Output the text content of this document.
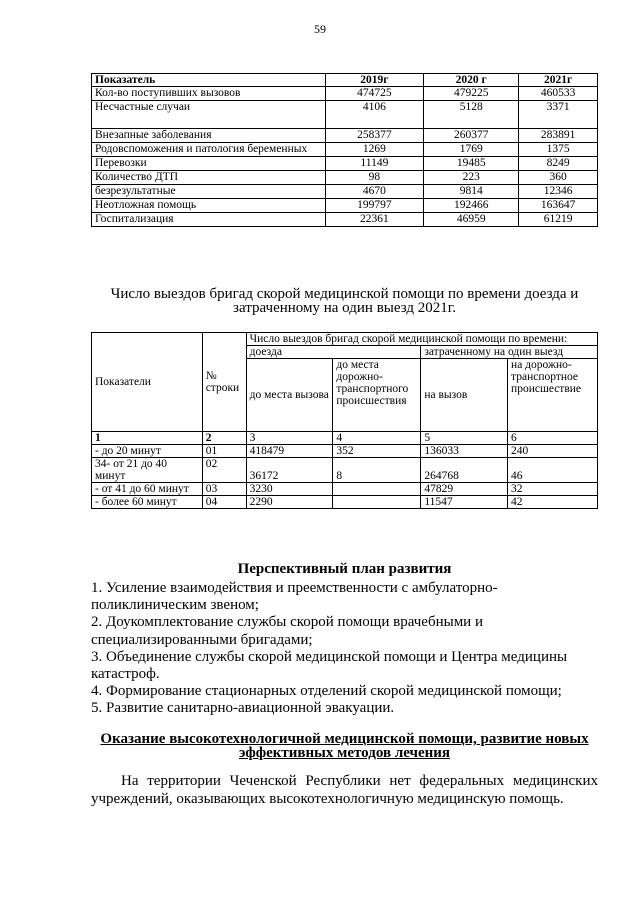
59
Показатель	2019г	2020 г	2021г
Кол-во поступивших вызовов	474725	479225	460533
Несчастные случаи	4106	5128	3371
Внезапные заболевания	258377	260377	283891
Родовспоможения и патология беременных	1269	1769	1375
Перевозки	11149	19485	8249
Количество ДТП	98	223	360
безрезультатные	4670	9814	12346
Неотложная помощь	199797	192466	163647
Госпитализация	22361	46959	61219
Число выездов бригад скорой медицинской помощи по времени доезда и затраченному на один выезд 2021г.
Показатели	№ строки	Число выездов бригад скорой медицинской помощи по времени:			
		доезда		затраченному на один выезд	
		до места вызова	до места дорожно-транспортного происшествия	на вызов	на дорожно-транспортное происшествие
1	2	3	4	5	6
- до 20 минут	01	418479	352	136033	240
34- от 21 до 40 минут	02	36172	8	264768	46
- от 41 до 60 минут	03	3230		47829	32
- более 60 минут	04	2290		11547	42
Перспективный план развития

1. Усиление взаимодействия и преемственности с амбулаторно-поликлиническим звеном;

2. Доукомплектование службы скорой помощи врачебными и специализированными бригадами;

3. Объединение службы скорой медицинской помощи и Центра медицины катастроф.

4. Формирование стационарных отделений скорой медицинской помощи;

5. Развитие санитарно-авиационной эвакуации.

Оказание высокотехнологичной медицинской помощи, развитие новых эффективных методов лечения

На территории Чеченской Республики нет федеральных медицинских учреждений, оказывающих высокотехнологичную медицинскую помощь.
